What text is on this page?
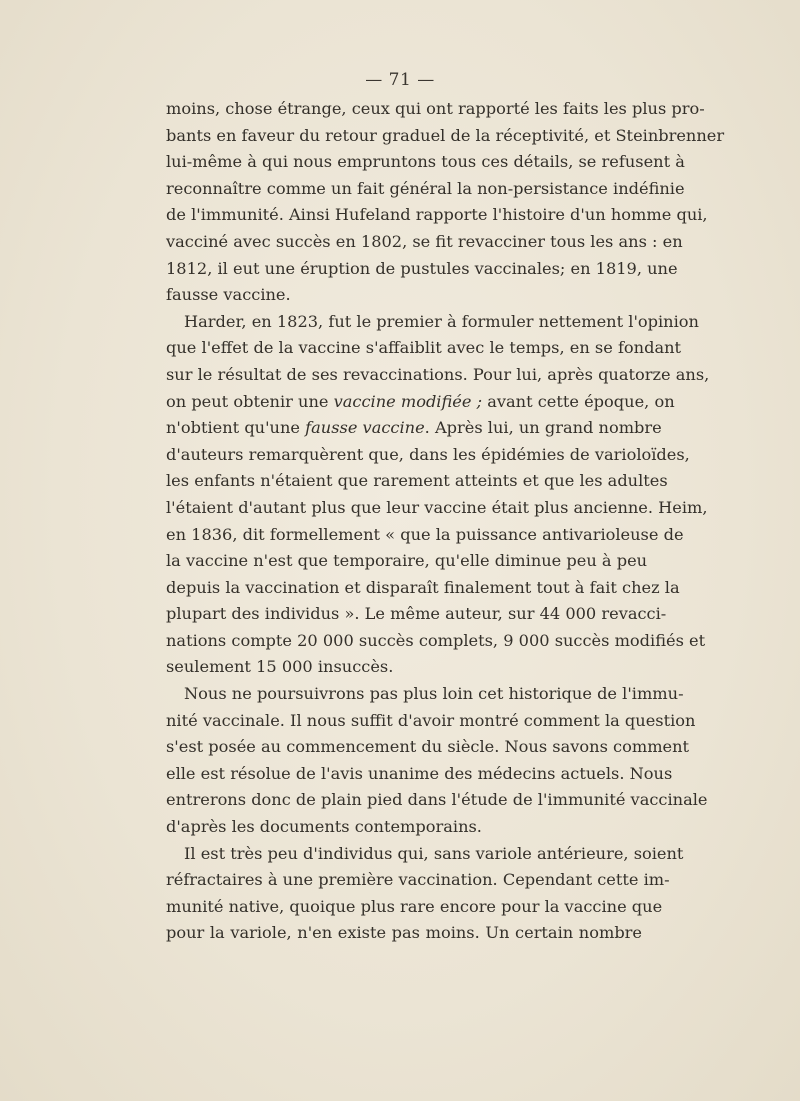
— 71 —
moins, chose étrange, ceux qui ont rapporté les faits les plus pro-
bants en faveur du retour graduel de la réceptivité, et Steinbrenner
lui-même à qui nous empruntons tous ces détails, se refusent à
reconnaître comme un fait général la non-persistance indéfinie
de l'immunité. Ainsi Hufeland rapporte l'histoire d'un homme qui,
vacciné avec succès en 1802, se fit revacciner tous les ans : en
1812, il eut une éruption de pustules vaccinales; en 1819, une
fausse vaccine.
Harder, en 1823, fut le premier à formuler nettement l'opinion
que l'effet de la vaccine s'affaiblit avec le temps, en se fondant
sur le résultat de ses revaccinations. Pour lui, après quatorze ans,
on peut obtenir une vaccine modifiée ; avant cette époque, on
n'obtient qu'une fausse vaccine. Après lui, un grand nombre
d'auteurs remarquèrent que, dans les épidémies de varioloïdes,
les enfants n'étaient que rarement atteints et que les adultes
l'étaient d'autant plus que leur vaccine était plus ancienne. Heim,
en 1836, dit formellement « que la puissance antivarioleuse de
la vaccine n'est que temporaire, qu'elle diminue peu à peu
depuis la vaccination et disparaît finalement tout à fait chez la
plupart des individus ». Le même auteur, sur 44 000 revacci-
nations compte 20 000 succès complets, 9 000 succès modifiés et
seulement 15 000 insuccès.
Nous ne poursuivrons pas plus loin cet historique de l'immu-
nité vaccinale. Il nous suffit d'avoir montré comment la question
s'est posée au commencement du siècle. Nous savons comment
elle est résolue de l'avis unanime des médecins actuels. Nous
entrerons donc de plain pied dans l'étude de l'immunité vaccinale
d'après les documents contemporains.
Il est très peu d'individus qui, sans variole antérieure, soient
réfractaires à une première vaccination. Cependant cette im-
munité native, quoique plus rare encore pour la vaccine que
pour la variole, n'en existe pas moins. Un certain nombre
